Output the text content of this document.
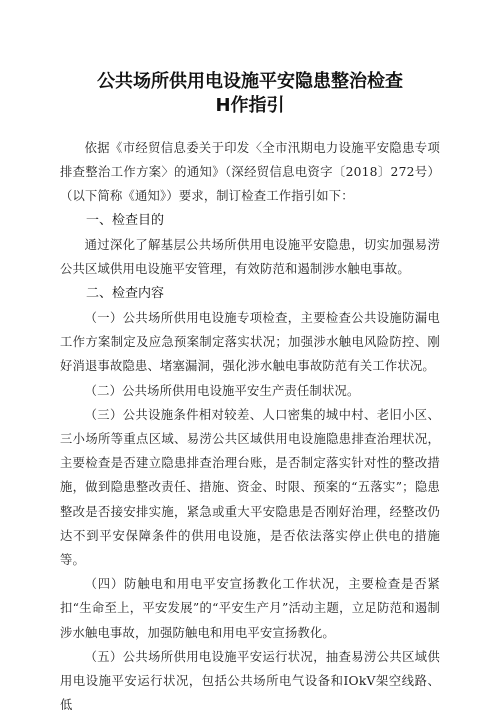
公共场所供用电设施平安隐患整治检查
H作指引

依据《市经贸信息委关于印发〈全市汛期电力设施平安隐患专项排查整治工作方案〉的通知》（深经贸信息电资字〔2018〕272号）（以下简称《通知》）要求，制订检查工作指引如下：

一、检查目的

通过深化了解基层公共场所供用电设施平安隐患，切实加强易涝公共区域供用电设施平安管理，有效防范和遏制涉水触电事故。

二、检查内容

（一）公共场所供用电设施专项检查，主要检查公共设施防漏电工作方案制定及应急预案制定落实状况；加强涉水触电风险防控、刚好消退事故隐患、堵塞漏洞，强化涉水触电事故防范有关工作状况。

（二）公共场所供用电设施平安生产责任制状况。

（三）公共设施条件相对较差、人口密集的城中村、老旧小区、三小场所等重点区域、易涝公共区域供用电设施隐患排查治理状况，主要检查是否建立隐患排查治理台账，是否制定落实针对性的整改措施，做到隐患整改责任、措施、资金、时限、预案的“五落实”；隐患整改是否接安排实施，紧急或重大平安隐患是否刚好治理，经整改仍达不到平安保障条件的供用电设施，是否依法落实停止供电的措施等。

（四）防触电和用电平安宣扬教化工作状况，主要检查是否紧扣“生命至上，平安发展”的“平安生产月”活动主题，立足防范和遏制涉水触电事故，加强防触电和用电平安宣扬教化。

（五）公共场所供用电设施平安运行状况，抽查易涝公共区域供用电设施平安运行状况，包括公共场所电气设备和IOkV架空线路、低
